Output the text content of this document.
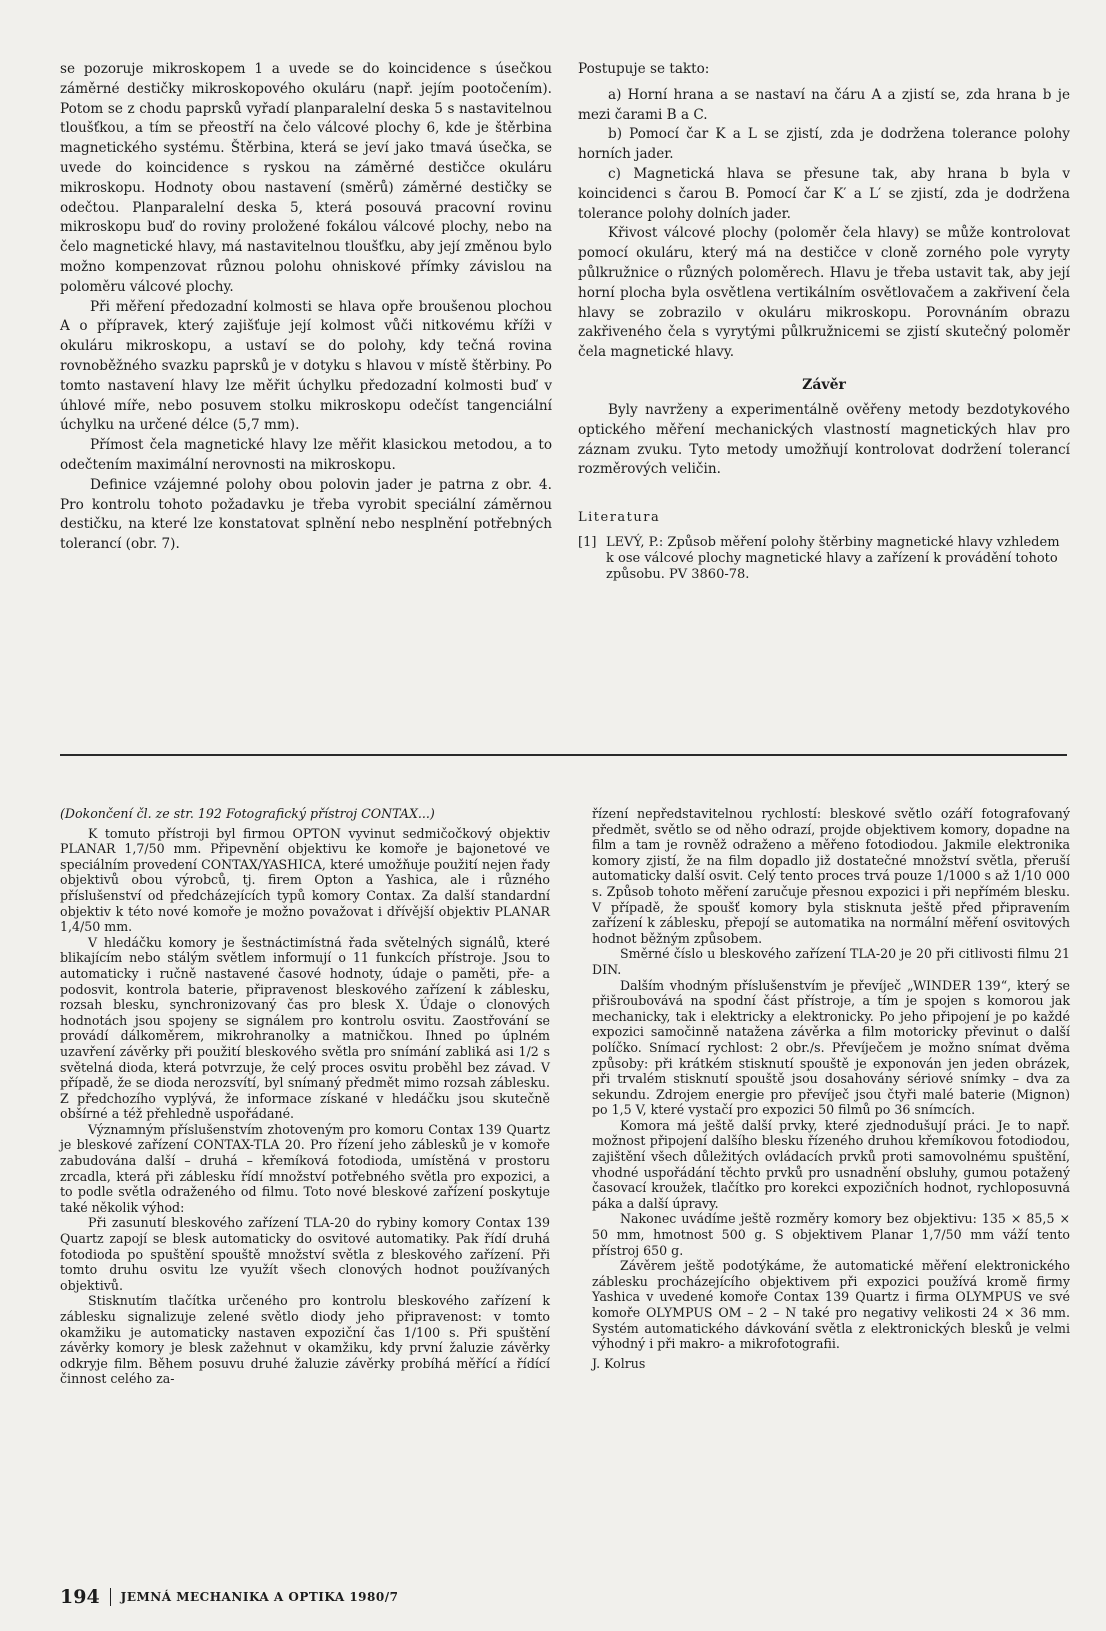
se pozoruje mikroskopem 1 a uvede se do koincidence s úsečkou záměrné destičky mikroskopového okuláru (např. jejím pootočením). Potom se z chodu paprsků vyřadí planparalelní deska 5 s nastavitelnou tloušťkou, a tím se přeostří na čelo válcové plochy 6, kde je štěrbina magnetického systému. Štěrbina, která se jeví jako tmavá úsečka, se uvede do koincidence s ryskou na záměrné destičce okuláru mikroskopu. Hodnoty obou nastavení (směrů) záměrné destičky se odečtou. Planparalelní deska 5, která posouvá pracovní rovinu mikroskopu buď do roviny proložené fokálou válcové plochy, nebo na čelo magnetické hlavy, má nastavitelnou tloušťku, aby její změnou bylo možno kompenzovat různou polohu ohniskové přímky závislou na poloměru válcové plochy.

Při měření předozadní kolmosti se hlava opře broušenou plochou A o přípravek, který zajišťuje její kolmost vůči nitkovému kříži v okuláru mikroskopu, a ustaví se do polohy, kdy tečná rovina rovnoběžného svazku paprsků je v dotyku s hlavou v místě štěrbiny. Po tomto nastavení hlavy lze měřit úchylku předozadní kolmosti buď v úhlové míře, nebo posuvem stolku mikroskopu odečíst tangenciální úchylku na určené délce (5,7 mm).

Přímost čela magnetické hlavy lze měřit klasickou metodou, a to odečtením maximální nerovnosti na mikroskopu.

Definice vzájemné polohy obou polovin jader je patrna z obr. 4. Pro kontrolu tohoto požadavku je třeba vyrobit speciální záměrnou destičku, na které lze konstatovat splnění nebo nesplnění potřebných tolerancí (obr. 7).

Postupuje se takto:

a) Horní hrana a se nastaví na čáru A a zjistí se, zda hrana b je mezi čarami B a C.

b) Pomocí čar K a L se zjistí, zda je dodržena tolerance polohy horních jader.

c) Magnetická hlava se přesune tak, aby hrana b byla v koincidenci s čarou B. Pomocí čar K′ a L′ se zjistí, zda je dodržena tolerance polohy dolních jader.

Křivost válcové plochy (poloměr čela hlavy) se může kontrolovat pomocí okuláru, který má na destičce v cloně zorného pole vyryty půlkružnice o různých poloměrech. Hlavu je třeba ustavit tak, aby její horní plocha byla osvětlena vertikálním osvětlovačem a zakřivení čela hlavy se zobrazilo v okuláru mikroskopu. Porovnáním obrazu zakřiveného čela s vyrytými půlkružnicemi se zjistí skutečný poloměr čela magnetické hlavy.

Závěr

Byly navrženy a experimentálně ověřeny metody bezdotykového optického měření mechanických vlastností magnetických hlav pro záznam zvuku. Tyto metody umožňují kontrolovat dodržení tolerancí rozměrových veličin.

Literatura
[1] LEVÝ, P.: Způsob měření polohy štěrbiny magnetické hlavy vzhledem k ose válcové plochy magnetické hlavy a zařízení k provádění tohoto způsobu. PV 3860-78.

(Dokončení čl. ze str. 192 Fotografický přístroj CONTAX...)

K tomuto přístroji byl firmou OPTON vyvinut sedmičočkový objektiv PLANAR 1,7/50 mm. Připevnění objektivu ke komoře je bajonetové ve speciálním provedení CONTAX/YASHICA, které umožňuje použití nejen řady objektivů obou výrobců, tj. firem Opton a Yashica, ale i různého příslušenství od předcházejících typů komory Contax. Za další standardní objektiv k této nové komoře je možno považovat i dřívější objektiv PLANAR 1,4/50 mm.

V hledáčku komory je šestnáctimístná řada světelných signálů, které blikajícím nebo stálým světlem informují o 11 funkcích přístroje. Jsou to automaticky i ručně nastavené časové hodnoty, údaje o paměti, pře- a podosvit, kontrola baterie, připravenost bleskového zařízení k záblesku, rozsah blesku, synchronizovaný čas pro blesk X. Údaje o clonových hodnotách jsou spojeny se signálem pro kontrolu osvitu. Zaostřování se provádí dálkoměrem, mikrohranolky a matničkou. Ihned po úplném uzavření závěrky při použití bleskového světla pro snímání zabliká asi 1/2 s světelná dioda, která potvrzuje, že celý proces osvitu proběhl bez závad. V případě, že se dioda nerozsvítí, byl snímaný předmět mimo rozsah záblesku. Z předchozího vyplývá, že informace získané v hledáčku jsou skutečně obšírné a též přehledně uspořádané.

Významným příslušenstvím zhotoveným pro komoru Contax 139 Quartz je bleskové zařízení CONTAX-TLA 20. Pro řízení jeho záblesků je v komoře zabudována další – druhá – křemíková fotodioda, umístěná v prostoru zrcadla, která při záblesku řídí množství potřebného světla pro expozici, a to podle světla odraženého od filmu. Toto nové bleskové zařízení poskytuje také několik výhod:

Při zasunutí bleskového zařízení TLA-20 do rybiny komory Contax 139 Quartz zapojí se blesk automaticky do osvitové automatiky. Pak řídí druhá fotodioda po spuštění spouště množství světla z bleskového zařízení. Při tomto druhu osvitu lze využít všech clonových hodnot používaných objektivů.

Stisknutím tlačítka určeného pro kontrolu bleskového zařízení k záblesku signalizuje zelené světlo diody jeho připravenost: v tomto okamžiku je automaticky nastaven expoziční čas 1/100 s. Při spuštění závěrky komory je blesk zažehnut v okamžiku, kdy první žaluzie závěrky odkryje film. Během posuvu druhé žaluzie závěrky probíhá měřící a řídící činnost celého za-

řízení nepředstavitelnou rychlostí: bleskové světlo ozáří fotografovaný předmět, světlo se od něho odrazí, projde objektivem komory, dopadne na film a tam je rovněž odraženo a měřeno fotodiodou. Jakmile elektronika komory zjistí, že na film dopadlo již dostatečné množství světla, přeruší automaticky další osvit. Celý tento proces trvá pouze 1/1000 s až 1/10 000 s. Způsob tohoto měření zaručuje přesnou expozici i při nepřímém blesku. V případě, že spoušť komory byla stisknuta ještě před připravením zařízení k záblesku, přepojí se automatika na normální měření osvitových hodnot běžným způsobem.

Směrné číslo u bleskového zařízení TLA-20 je 20 při citlivosti filmu 21 DIN.

Dalším vhodným příslušenstvím je převíječ „WINDER 139“, který se přišroubovává na spodní část přístroje, a tím je spojen s komorou jak mechanicky, tak i elektricky a elektronicky. Po jeho připojení je po každé expozici samočinně natažena závěrka a film motoricky převinut o další políčko. Snímací rychlost: 2 obr./s. Převíječem je možno snímat dvěma způsoby: při krátkém stisknutí spouště je exponován jen jeden obrázek, při trvalém stisknutí spouště jsou dosahovány sériové snímky – dva za sekundu. Zdrojem energie pro převíječ jsou čtyři malé baterie (Mignon) po 1,5 V, které vystačí pro expozici 50 filmů po 36 snímcích.

Komora má ještě další prvky, které zjednodušují práci. Je to např. možnost připojení dalšího blesku řízeného druhou křemíkovou fotodiodou, zajištění všech důležitých ovládacích prvků proti samovolnému spuštění, vhodné uspořádání těchto prvků pro usnadnění obsluhy, gumou potažený časovací kroužek, tlačítko pro korekci expozičních hodnot, rychloposuvná páka a další úpravy.

Nakonec uvádíme ještě rozměry komory bez objektivu: 135 × 85,5 × 50 mm, hmotnost 500 g. S objektivem Planar 1,7/50 mm váží tento přístroj 650 g.

Závěrem ještě podotýkáme, že automatické měření elektronického záblesku procházejícího objektivem při expozici používá kromě firmy Yashica v uvedené komoře Contax 139 Quartz i firma OLYMPUS ve své komoře OLYMPUS OM – 2 – N také pro negativy velikosti 24 × 36 mm. Systém automatického dávkování světla z elektronických blesků je velmi výhodný i při makro- a mikrofotografii.

J. Kolrus

194 JEMNÁ MECHANIKA A OPTIKA 1980/7
